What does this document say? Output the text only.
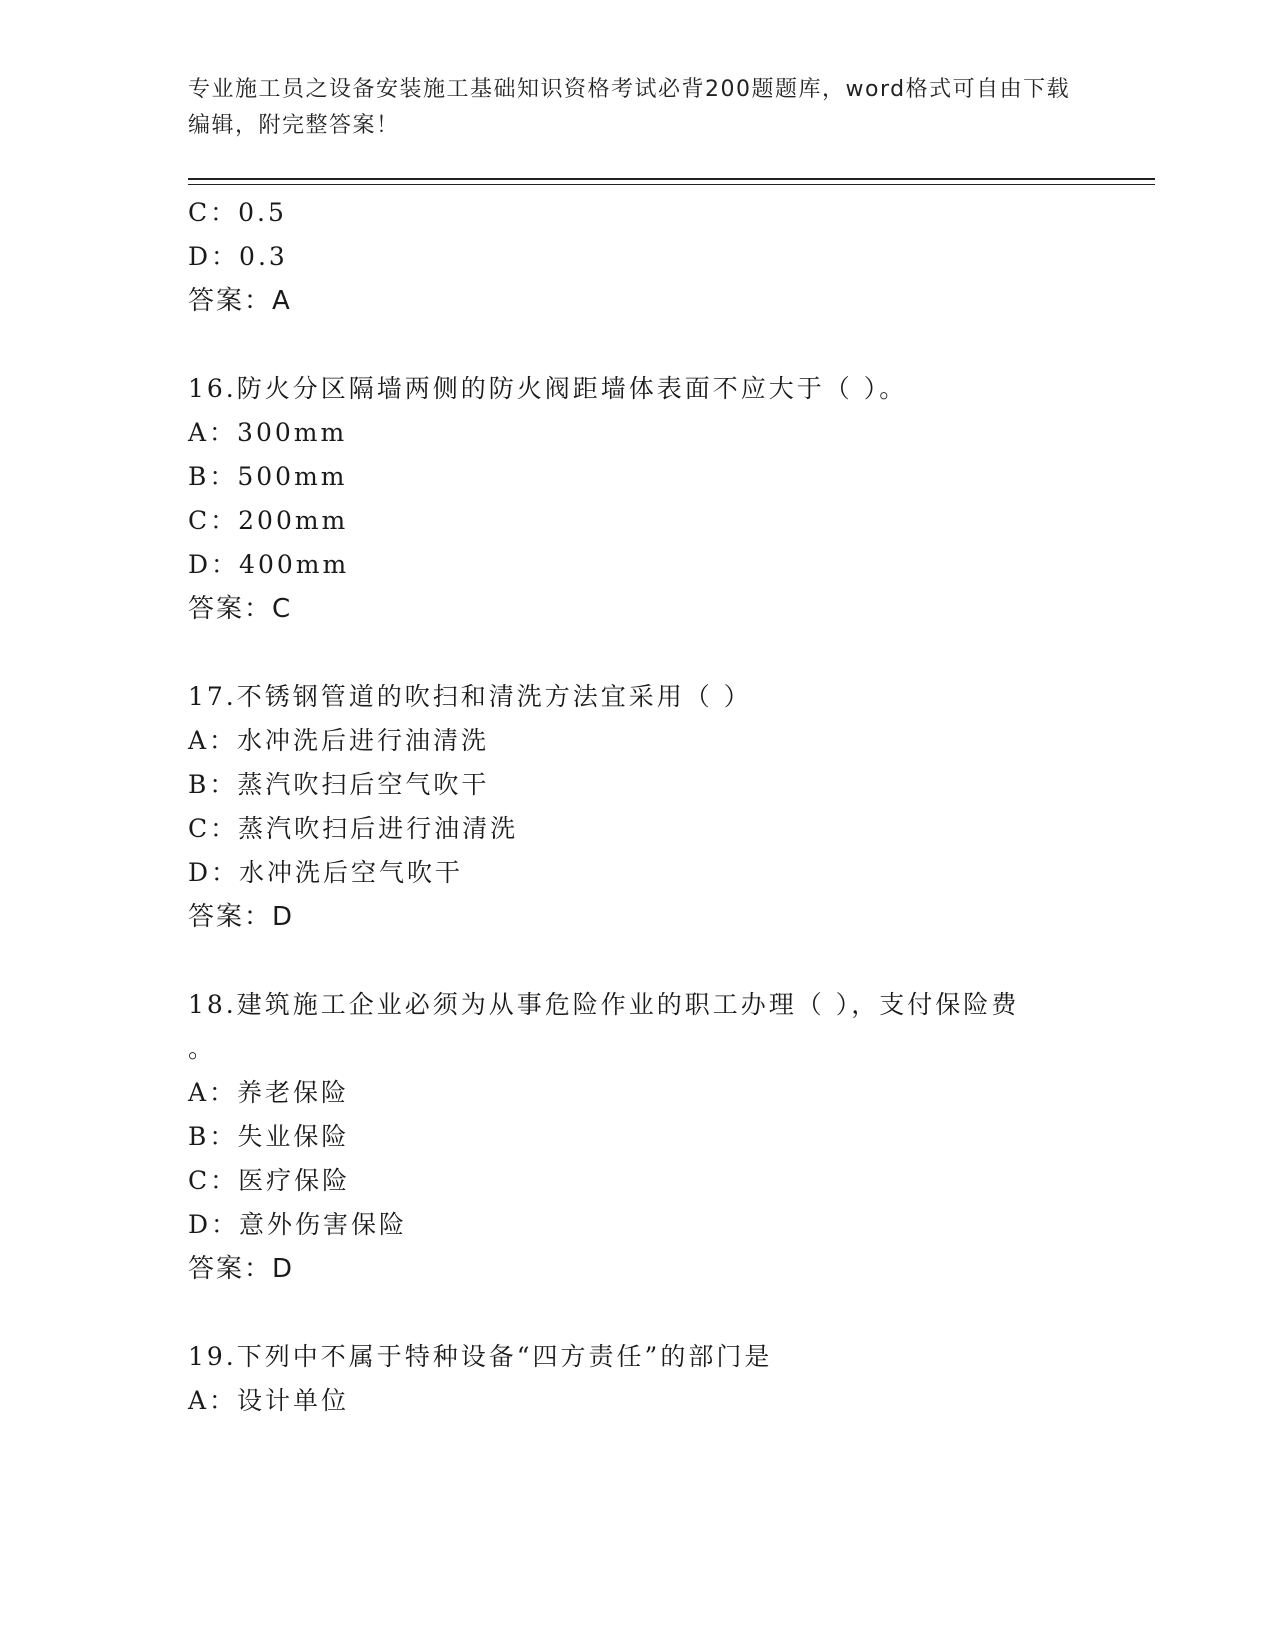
专业施工员之设备安装施工基础知识资格考试必背200题题库，word格式可自由下载编辑，附完整答案！
C：0.5
D：0.3
答案：A
16.防火分区隔墙两侧的防火阀距墙体表面不应大于（ ）。
A：300mm
B：500mm
C：200mm
D：400mm
答案：C
17.不锈钢管道的吹扫和清洗方法宜采用（ ）
A：水冲洗后进行油清洗
B：蒸汽吹扫后空气吹干
C：蒸汽吹扫后进行油清洗
D：水冲洗后空气吹干
答案：D
18.建筑施工企业必须为从事危险作业的职工办理（ ），支付保险费
。
A：养老保险
B：失业保险
C：医疗保险
D：意外伤害保险
答案：D
19.下列中不属于特种设备“四方责任”的部门是
A：设计单位
